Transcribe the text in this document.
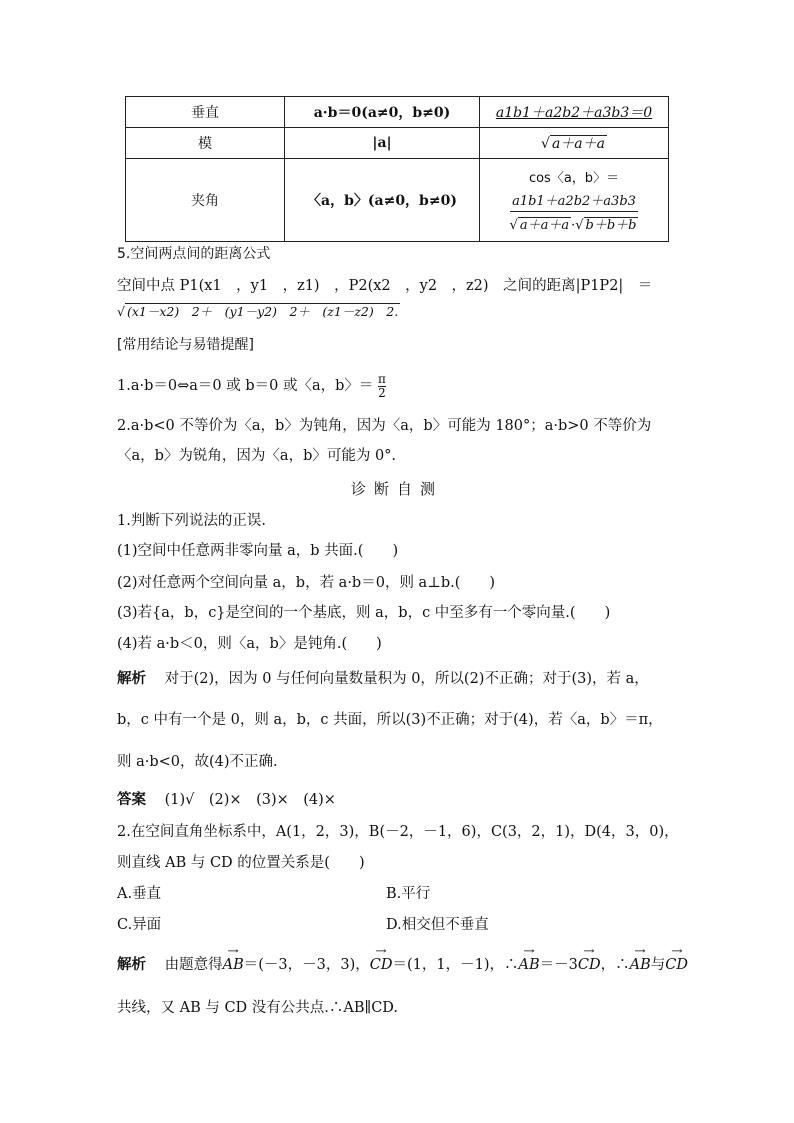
垂直	a·b＝0(a≠0，b≠0)	a1b1＋a2b2＋a3b3＝0
模	|a|	√ a＋a＋a
夹角	〈a，b〉(a≠0，b≠0)	cos〈a，b〉＝
$\frac{a1b1+a2b2+a3b3}{√ a+a+a \cdot√ b+b+b}$
5.空间两点间的距离公式
空间中点 P1(x1　，y1　，z1)　，P2(x2　，y2　，z2)　之间的距离|P1P2|　＝
√ (x1－x2)　2＋　(y1－y2)　2＋　(z1－z2)　2.
[常用结论与易错提醒]
1.a·b＝0⇔a＝0 或 b＝0 或〈a，b〉＝ $\frac{\pi}{2}$
2.a·b<0 不等价为〈a，b〉为钝角，因为〈a，b〉可能为 180°；a·b>0 不等价为
〈a，b〉为锐角，因为〈a，b〉可能为 0°.
诊断自测
1.判断下列说法的正误.
(1)空间中任意两非零向量 a，b 共面.(　　)
(2)对任意两个空间向量 a，b，若 a·b＝0，则 a⊥b.(　　)
(3)若{a，b，c}是空间的一个基底，则 a，b，c 中至多有一个零向量.(　　)
(4)若 a·b＜0，则〈a，b〉是钝角.(　　)
解析 对于(2)，因为 0 与任何向量数量积为 0，所以(2)不正确；对于(3)，若 a，
b，c 中有一个是 0，则 a，b，c 共面，所以(3)不正确；对于(4)，若〈a，b〉＝π，
则 a·b<0，故(4)不正确.
答案 (1)√　(2)×　(3)×　(4)×
2.在空间直角坐标系中，A(1，2，3)，B(－2，－1，6)，C(3，2，1)，D(4，3，0)，
则直线 AB 与 CD 的位置关系是(　　)
A.垂直	B.平行
C.异面	D.相交但不垂直
解析 由题意得→ AB＝(－3，－3，3)，→ CD＝(1，1，－1)，∴→ AB＝－3→ CD，∴→ AB与→ CD
共线，又 AB 与 CD 没有公共点.∴AB∥CD.
